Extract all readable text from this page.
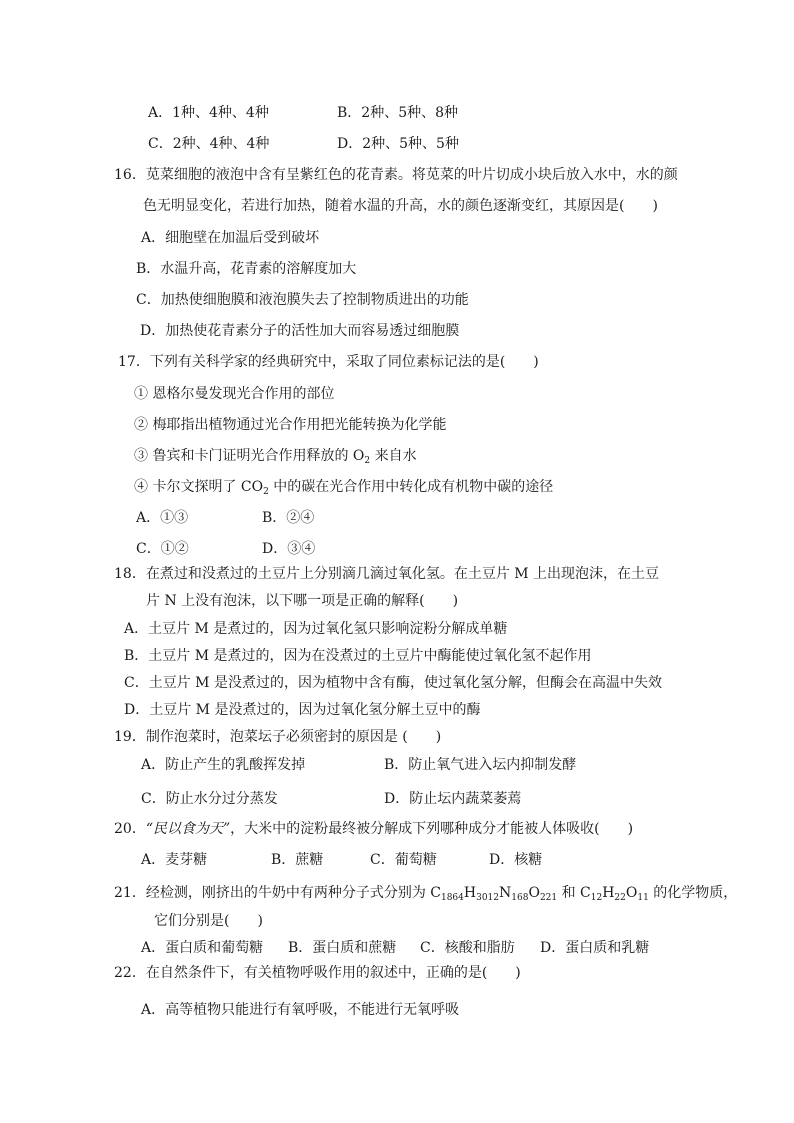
A．1种、4种、4种	B．2种、5种、8种
C．2种、4种、4种	D．2种、5种、5种
16．苋菜细胞的液泡中含有呈紫红色的花青素。将苋菜的叶片切成小块后放入水中，水的颜
色无明显变化，若进行加热，随着水温的升高，水的颜色逐渐变红，其原因是(　　)
A．细胞壁在加温后受到破坏
B．水温升高，花青素的溶解度加大
C．加热使细胞膜和液泡膜失去了控制物质进出的功能
D．加热使花青素分子的活性加大而容易透过细胞膜
17．下列有关科学家的经典研究中，采取了同位素标记法的是(　　)
① 恩格尔曼发现光合作用的部位
② 梅耶指出植物通过光合作用把光能转换为化学能
③ 鲁宾和卡门证明光合作用释放的 $O_2$ 来自水
④ 卡尔文探明了 $CO_2$ 中的碳在光合作用中转化成有机物中碳的途径
A．①③	B．②④
C．①②	D．③④
18．在煮过和没煮过的土豆片上分别滴几滴过氧化氢。在土豆片 M 上出现泡沫，在土豆
片 N 上没有泡沫，以下哪一项是正确的解释(　　)
A．土豆片 M 是煮过的，因为过氧化氢只影响淀粉分解成单糖
B．土豆片 M 是煮过的，因为在没煮过的土豆片中酶能使过氧化氢不起作用
C．土豆片 M 是没煮过的，因为植物中含有酶，使过氧化氢分解，但酶会在高温中失效
D．土豆片 M 是没煮过的，因为过氧化氢分解土豆中的酶
19．制作泡菜时，泡菜坛子必须密封的原因是 (　　)
A．防止产生的乳酸挥发掉	B．防止氧气进入坛内抑制发酵
C．防止水分过分蒸发	D．防止坛内蔬菜萎蔫
20．“民以食为天”，大米中的淀粉最终被分解成下列哪种成分才能被人体吸收(　　)
A．麦芽糖	B．蔗糖	C．葡萄糖	D．核糖
21．经检测，刚挤出的牛奶中有两种分子式分别为 $C_{1864}H_{3012}N_{168}O_{221}$ 和 $C_{12}H_{22}O_{11}$ 的化学物质，
它们分别是(　　)
A．蛋白质和葡萄糖 B．蛋白质和蔗糖 C．核酸和脂肪 D．蛋白质和乳糖
22．在自然条件下，有关植物呼吸作用的叙述中，正确的是(　　)
A．高等植物只能进行有氧呼吸，不能进行无氧呼吸
